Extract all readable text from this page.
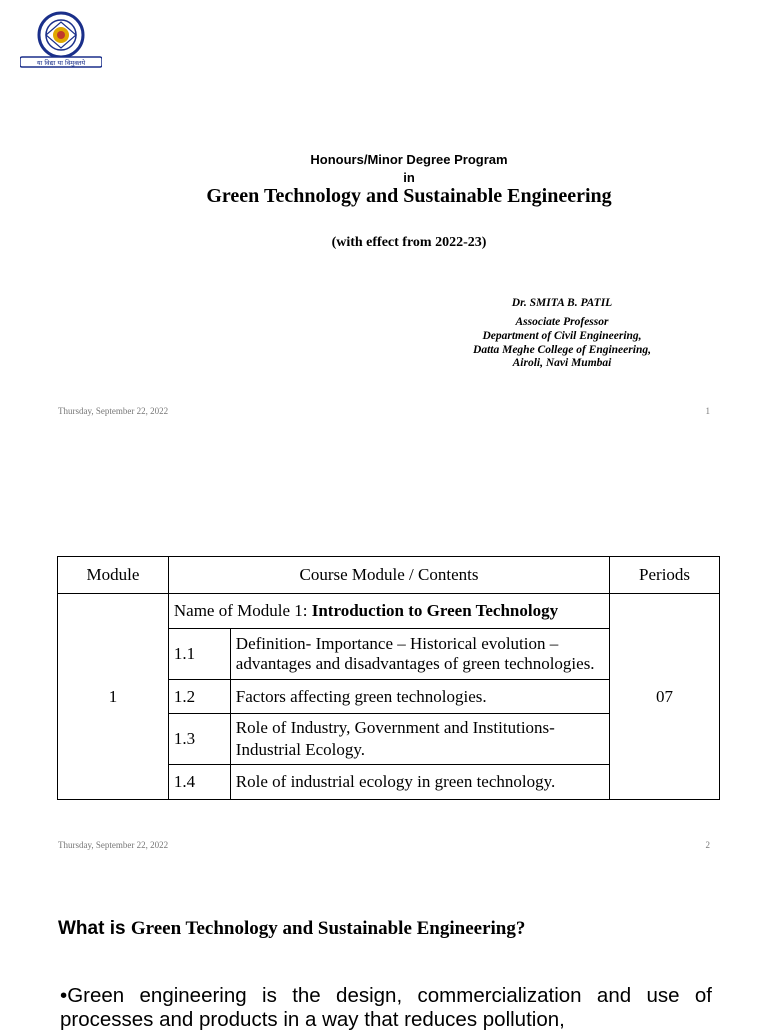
या विद्या या विमुक्तये
Honours/Minor Degree Program
in
Green Technology and Sustainable Engineering
(with effect from 2022-23)
Dr. SMITA B. PATIL
Associate Professor
Department of Civil Engineering,
Datta Meghe College of Engineering,
Airoli, Navi Mumbai
Thursday, September 22, 2022	1
Module	Course Module / Contents		Periods
1	Name of Module 1: Introduction to Green Technology		07
	1.1	Definition- Importance – Historical evolution – advantages and disadvantages of green technologies.	
	1.2	Factors affecting green technologies.	
	1.3	Role of Industry, Government and Institutions- Industrial Ecology.	
	1.4	Role of industrial ecology in green technology.	
Thursday, September 22, 2022	2
What is Green Technology and Sustainable Engineering?
•Green engineering is the design, commercialization and use of processes and products in a way that reduces pollution,
